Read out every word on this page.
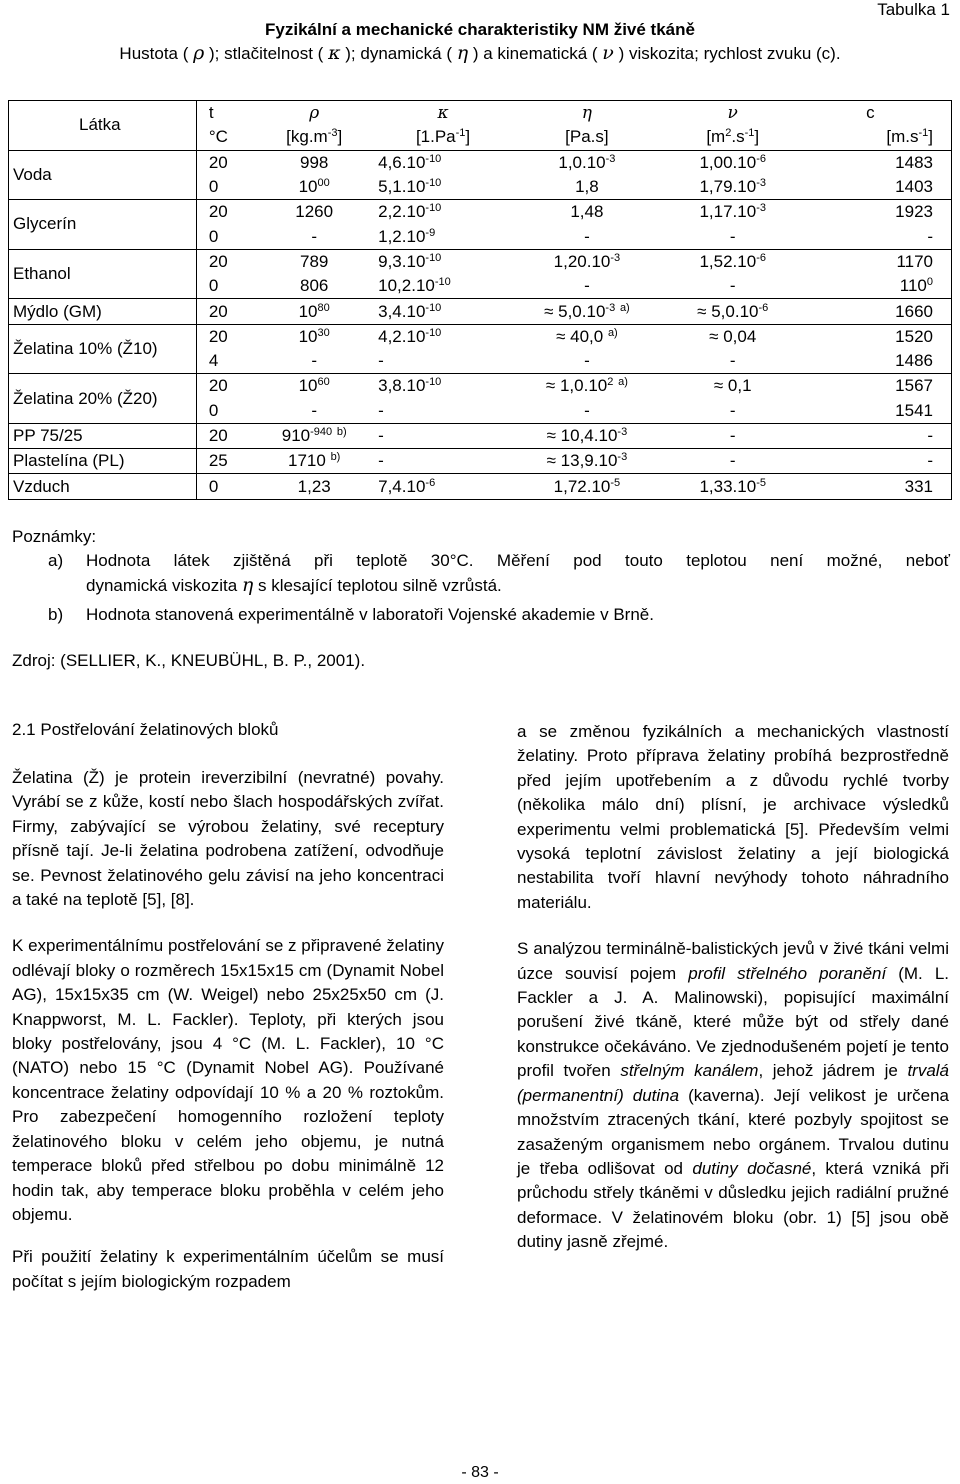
Tabulka 1
Fyzikální a mechanické charakteristiky NM živé tkáně
Hustota ( ρ ); stlačitelnost ( κ ); dynamická ( η ) a kinematická ( ν ) viskozita; rychlost zvuku (c).
Látka	t	ρ	κ	η	ν	c
	°C	$[kg.m^{-3}]$	$[1.Pa^{-1}]$	[Pa.s]	$[m^2.s^{-1}]$	$[m.s^{-1}]$
Voda	20	998	$4,6.10^{-10}$	$1,0.10^{-3}$	$1,00.10^{-6}$	1483
	0	$10^{00}$	$5,1.10^{-10}$	1,8	$1,79.10^{-3}$	1403
Glycerín	20	1260	$2,2.10^{-10}$	1,48	$1,17.10^{-3}$	1923
	0	-	$1,2.10^{-9}$	-	-	-
Ethanol	20	789	$9,3.10^{-10}$	$1,20.10^{-3}$	$1,52.10^{-6}$	1170
	0	806	$10,2.10^{-10}$	-	-	$110^0$
Mýdlo (GM)	20	$10^{80}$	$3,4.10^{-10}$	≈ $5,0.10^{-3}$ $^{a)}$	≈ $5,0.10^{-6}$	1660
Želatina 10% (Ž10)	20	$10^{30}$	$4,2.10^{-10}$	≈ 40,0 $^{a)}$	≈ 0,04	1520
	4	-	-	-	-	1486
Želatina 20% (Ž20)	20	$10^{60}$	$3,8.10^{-10}$	≈ $1,0.10^2$ $^{a)}$	≈ 0,1	1567
	0	-	-	-	-	1541
PP 75/25	20	$910^{-940}$ $^{b)}$	-	≈ $10,4.10^{-3}$	-	-
Plastelína (PL)	25	1710 $^{b)}$	-	≈ $13,9.10^{-3}$	-	-
Vzduch	0	1,23	$7,4.10^{-6}$	$1,72.10^{-5}$	$1,33.10^{-5}$	331
Poznámky:
a) Hodnota látek zjištěná při teplotě 30°C. Měření pod touto teplotou není možné, neboť
dynamická viskozita η s klesající teplotou silně vzrůstá.
b) Hodnota stanovená experimentálně v laboratoři Vojenské akademie v Brně.
Zdroj: (SELLIER, K., KNEUBÜHL, B. P., 2001).
2.1 Postřelování želatinových bloků

Želatina (Ž) je protein ireverzibilní (nevratné) povahy. Vyrábí se z kůže, kostí nebo šlach hospodářských zvířat. Firmy, zabývající se výrobou želatiny, své receptury přísně tají. Je-li želatina podrobena zatížení, odvodňuje se. Pevnost želatinového gelu závisí na jeho koncentraci a také na teplotě [5], [8].

K experimentálnímu postřelování se z připravené želatiny odlévají bloky o rozměrech 15x15x15 cm (Dynamit Nobel AG), 15x15x35 cm (W. Weigel) nebo 25x25x50 cm (J. Knappworst, M. L. Fackler). Teploty, při kterých jsou bloky postřelovány, jsou 4 °C (M. L. Fackler), 10 °C (NATO) nebo 15 °C (Dynamit Nobel AG). Používané koncentrace želatiny odpovídají 10 % a 20 % roztokům. Pro zabezpečení homogenního rozložení teploty želatinového bloku v celém jeho objemu, je nutná temperace bloků před střelbou po dobu minimálně 12 hodin tak, aby temperace bloku proběhla v celém jeho objemu.

Při použití želatiny k experimentálním účelům se musí počítat s jejím biologickým rozpadem

a se změnou fyzikálních a mechanických vlastností želatiny. Proto příprava želatiny probíhá bezprostředně před jejím upotřebením a z důvodu rychlé tvorby (několika málo dní) plísní, je archivace výsledků experimentu velmi problematická [5]. Především velmi vysoká teplotní závislost želatiny a její biologická nestabilita tvoří hlavní nevýhody tohoto náhradního materiálu.

S analýzou terminálně-balistických jevů v živé tkáni velmi úzce souvisí pojem profil střelného poranění (M. L. Fackler a J. A. Malinowski), popisující maximální porušení živé tkáně, které může být od střely dané konstrukce očekáváno. Ve zjednodušeném pojetí je tento profil tvořen střelným kanálem, jehož jádrem je trvalá (permanentní) dutina (kaverna). Její velikost je určena množstvím ztracených tkání, které pozbyly spojitost se zasaženým organismem nebo orgánem. Trvalou dutinu je třeba odlišovat od dutiny dočasné, která vzniká při průchodu střely tkáněmi v důsledku jejich radiální pružné deformace. V želatinovém bloku (obr. 1) [5] jsou obě dutiny jasně zřejmé.

- 83 -
